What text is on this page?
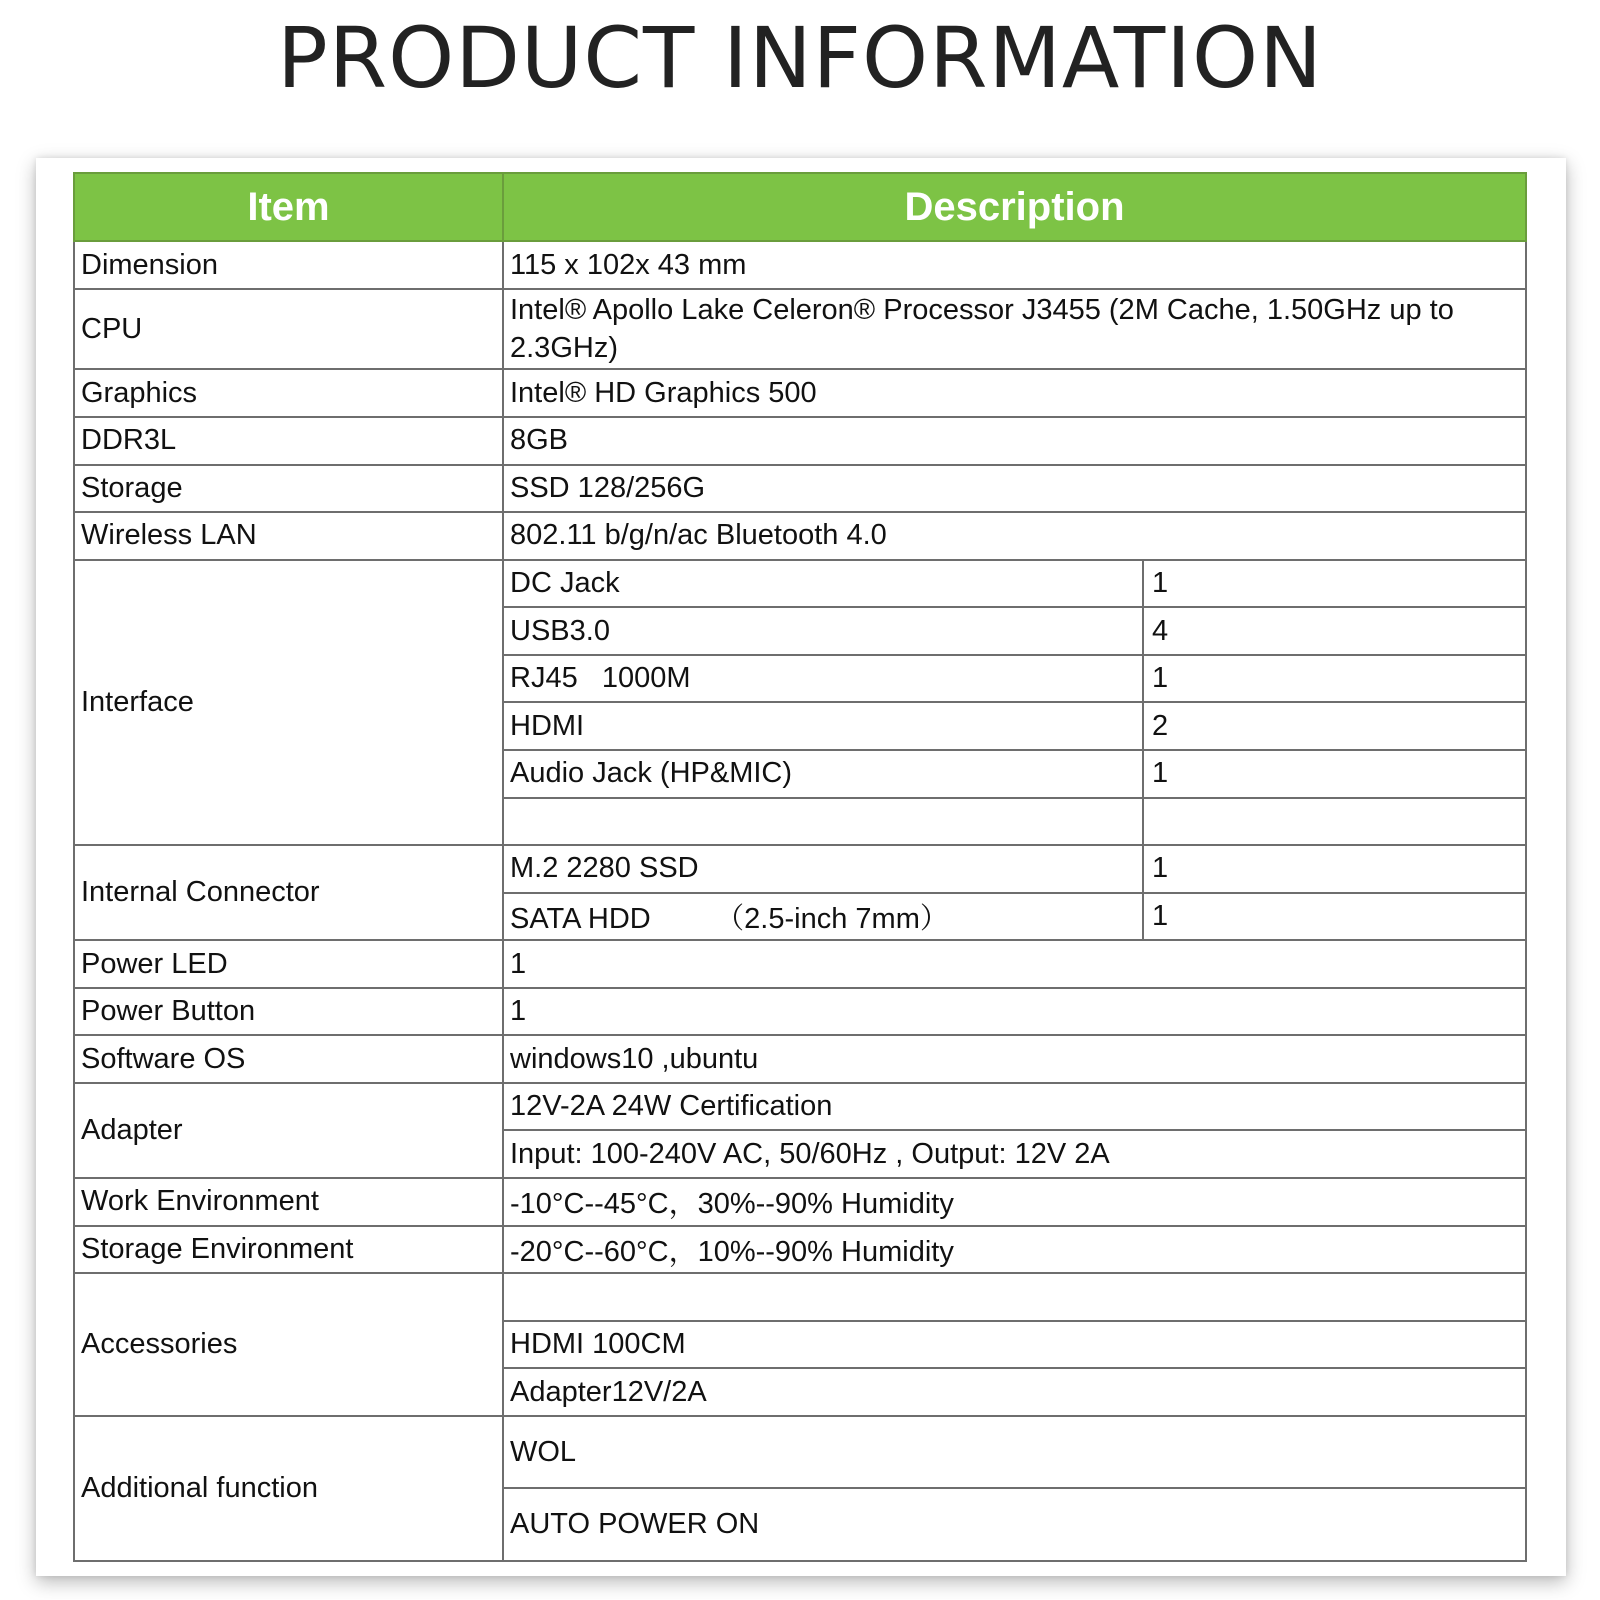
PRODUCT INFORMATION
Item	Description	
Dimension	115 x 102x 43 mm	
CPU	Intel® Apollo Lake Celeron® Processor J3455 (2M Cache, 1.50GHz up to 2.3GHz)	
Graphics	Intel® HD Graphics 500	
DDR3L	8GB	
Storage	SSD 128/256G	
Wireless LAN	802.11 b/g/n/ac Bluetooth 4.0	
Interface	DC Jack	1
	USB3.0	4
	RJ45   1000M	1
	HDMI	2
	Audio Jack (HP&MIC)	1

Internal Connector	M.2 2280 SSD	1
	SATA HDD        （2.5-inch 7mm）	1
Power LED	1	
Power Button	1	
Software OS	windows10 ,ubuntu	
Adapter	12V-2A 24W Certification	
	Input: 100-240V AC, 50/60Hz , Output: 12V 2A	
Work Environment	-10°C--45°C，30%--90% Humidity	
Storage Environment	-20°C--60°C，10%--90% Humidity	
Accessories		
	HDMI 100CM	
	Adapter12V/2A	
Additional function	WOL	
	AUTO POWER ON	
